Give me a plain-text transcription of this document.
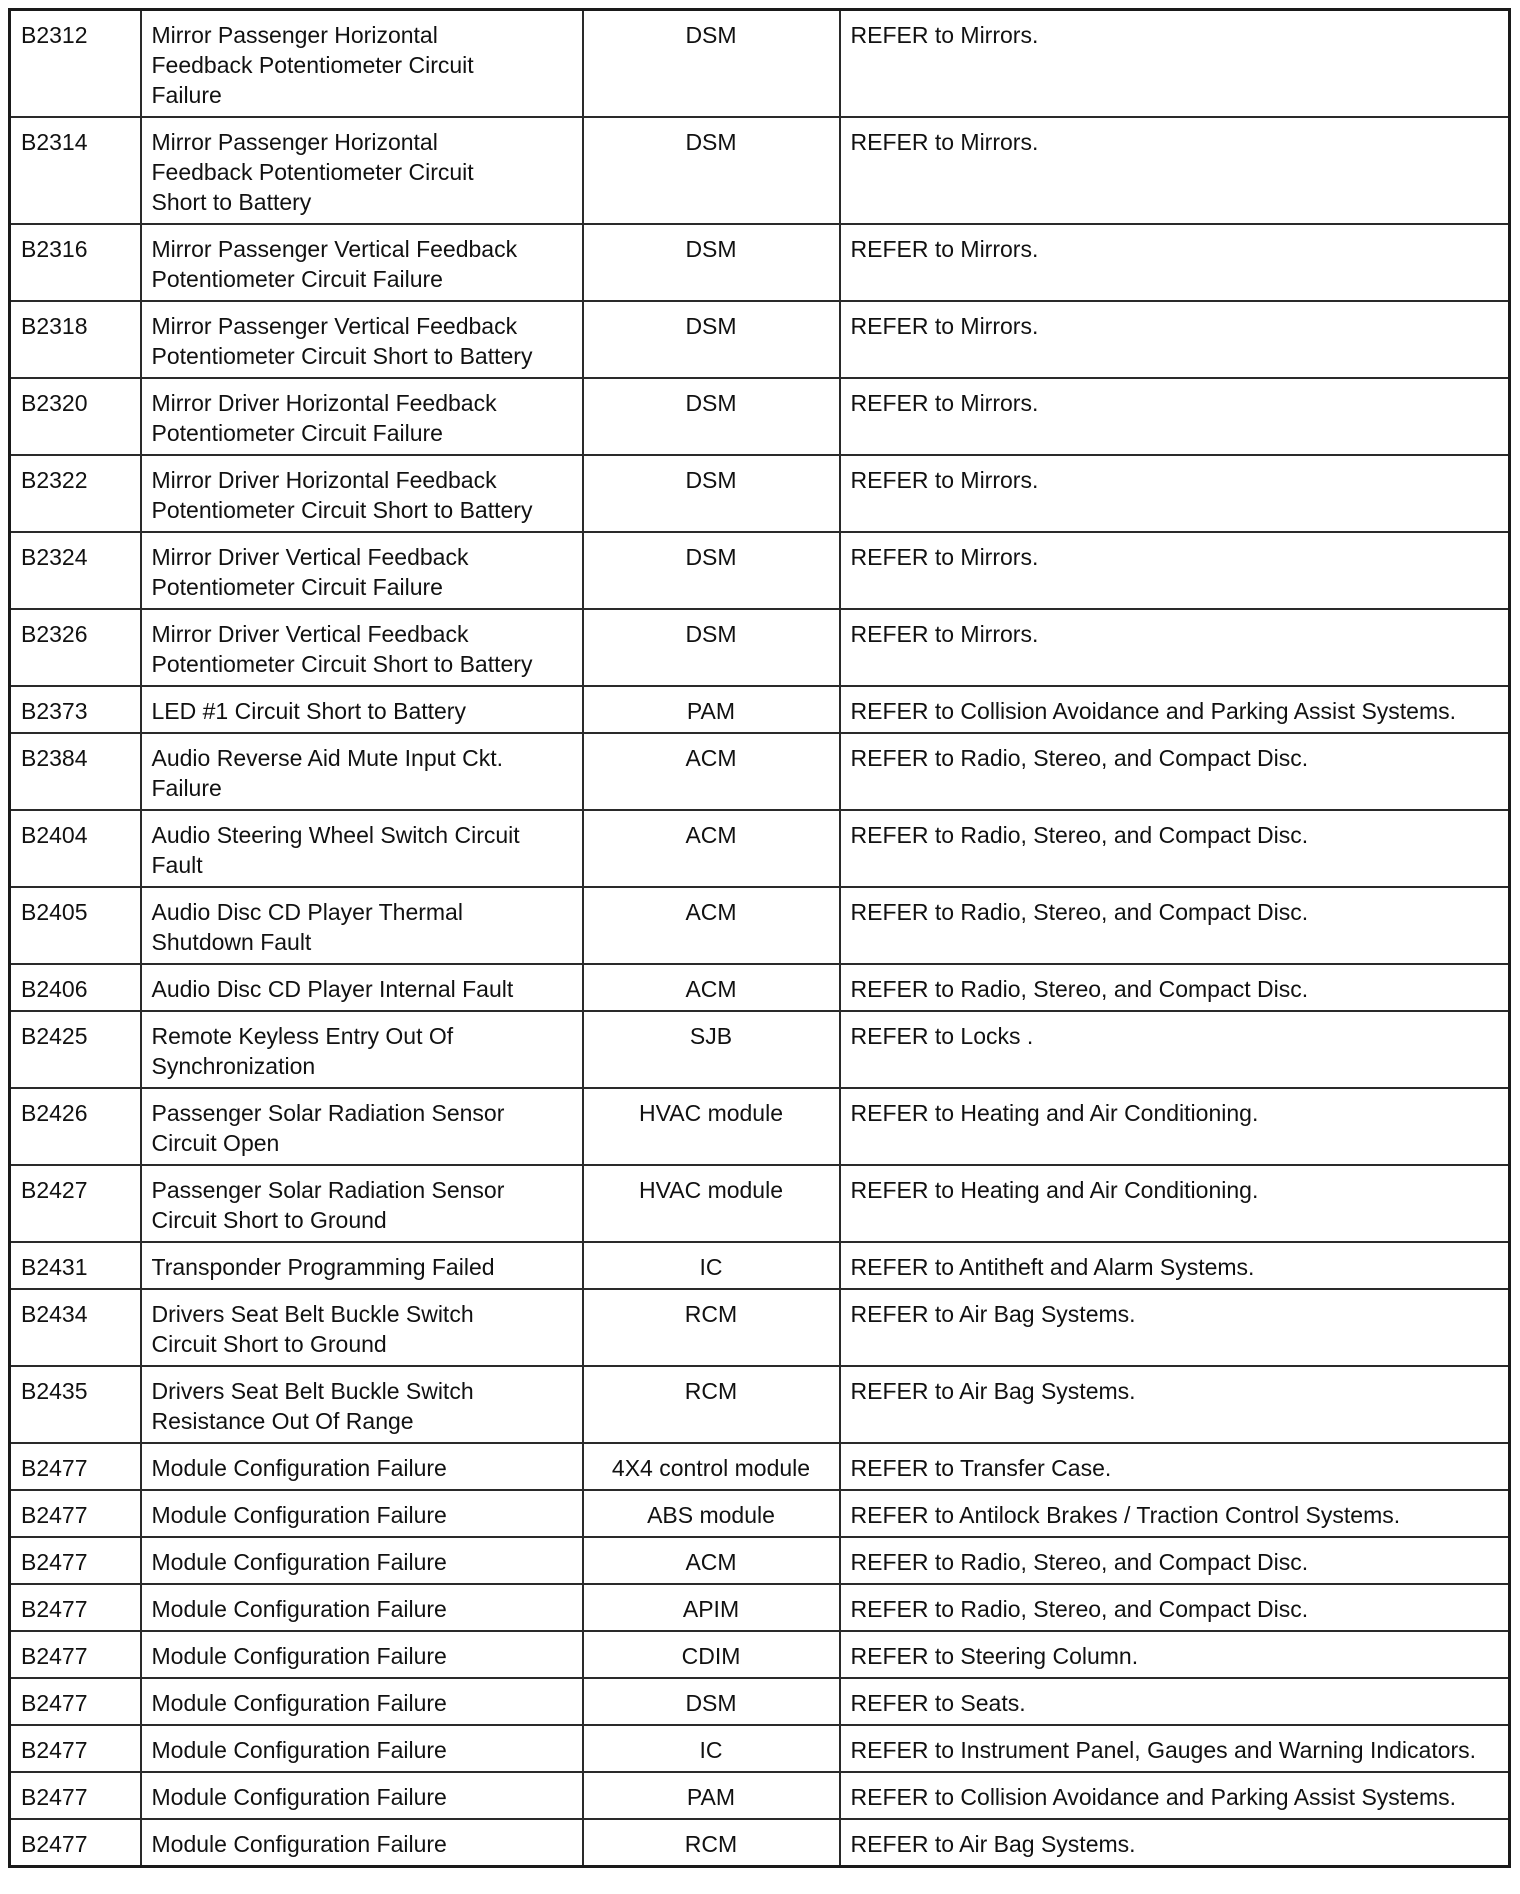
B2312	Mirror Passenger Horizontal
Feedback Potentiometer Circuit
Failure	DSM	REFER to Mirrors.
B2314	Mirror Passenger Horizontal
Feedback Potentiometer Circuit
Short to Battery	DSM	REFER to Mirrors.
B2316	Mirror Passenger Vertical Feedback
Potentiometer Circuit Failure	DSM	REFER to Mirrors.
B2318	Mirror Passenger Vertical Feedback
Potentiometer Circuit Short to Battery	DSM	REFER to Mirrors.
B2320	Mirror Driver Horizontal Feedback
Potentiometer Circuit Failure	DSM	REFER to Mirrors.
B2322	Mirror Driver Horizontal Feedback
Potentiometer Circuit Short to Battery	DSM	REFER to Mirrors.
B2324	Mirror Driver Vertical Feedback
Potentiometer Circuit Failure	DSM	REFER to Mirrors.
B2326	Mirror Driver Vertical Feedback
Potentiometer Circuit Short to Battery	DSM	REFER to Mirrors.
B2373	LED #1 Circuit Short to Battery	PAM	REFER to Collision Avoidance and Parking Assist Systems.
B2384	Audio Reverse Aid Mute Input Ckt.
Failure	ACM	REFER to Radio, Stereo, and Compact Disc.
B2404	Audio Steering Wheel Switch Circuit
Fault	ACM	REFER to Radio, Stereo, and Compact Disc.
B2405	Audio Disc CD Player Thermal
Shutdown Fault	ACM	REFER to Radio, Stereo, and Compact Disc.
B2406	Audio Disc CD Player Internal Fault	ACM	REFER to Radio, Stereo, and Compact Disc.
B2425	Remote Keyless Entry Out Of
Synchronization	SJB	REFER to Locks .
B2426	Passenger Solar Radiation Sensor
Circuit Open	HVAC module	REFER to Heating and Air Conditioning.
B2427	Passenger Solar Radiation Sensor
Circuit Short to Ground	HVAC module	REFER to Heating and Air Conditioning.
B2431	Transponder Programming Failed	IC	REFER to Antitheft and Alarm Systems.
B2434	Drivers Seat Belt Buckle Switch
Circuit Short to Ground	RCM	REFER to Air Bag Systems.
B2435	Drivers Seat Belt Buckle Switch
Resistance Out Of Range	RCM	REFER to Air Bag Systems.
B2477	Module Configuration Failure	4X4 control module	REFER to Transfer Case.
B2477	Module Configuration Failure	ABS module	REFER to Antilock Brakes / Traction Control Systems.
B2477	Module Configuration Failure	ACM	REFER to Radio, Stereo, and Compact Disc.
B2477	Module Configuration Failure	APIM	REFER to Radio, Stereo, and Compact Disc.
B2477	Module Configuration Failure	CDIM	REFER to Steering Column.
B2477	Module Configuration Failure	DSM	REFER to Seats.
B2477	Module Configuration Failure	IC	REFER to Instrument Panel, Gauges and Warning Indicators.
B2477	Module Configuration Failure	PAM	REFER to Collision Avoidance and Parking Assist Systems.
B2477	Module Configuration Failure	RCM	REFER to Air Bag Systems.
